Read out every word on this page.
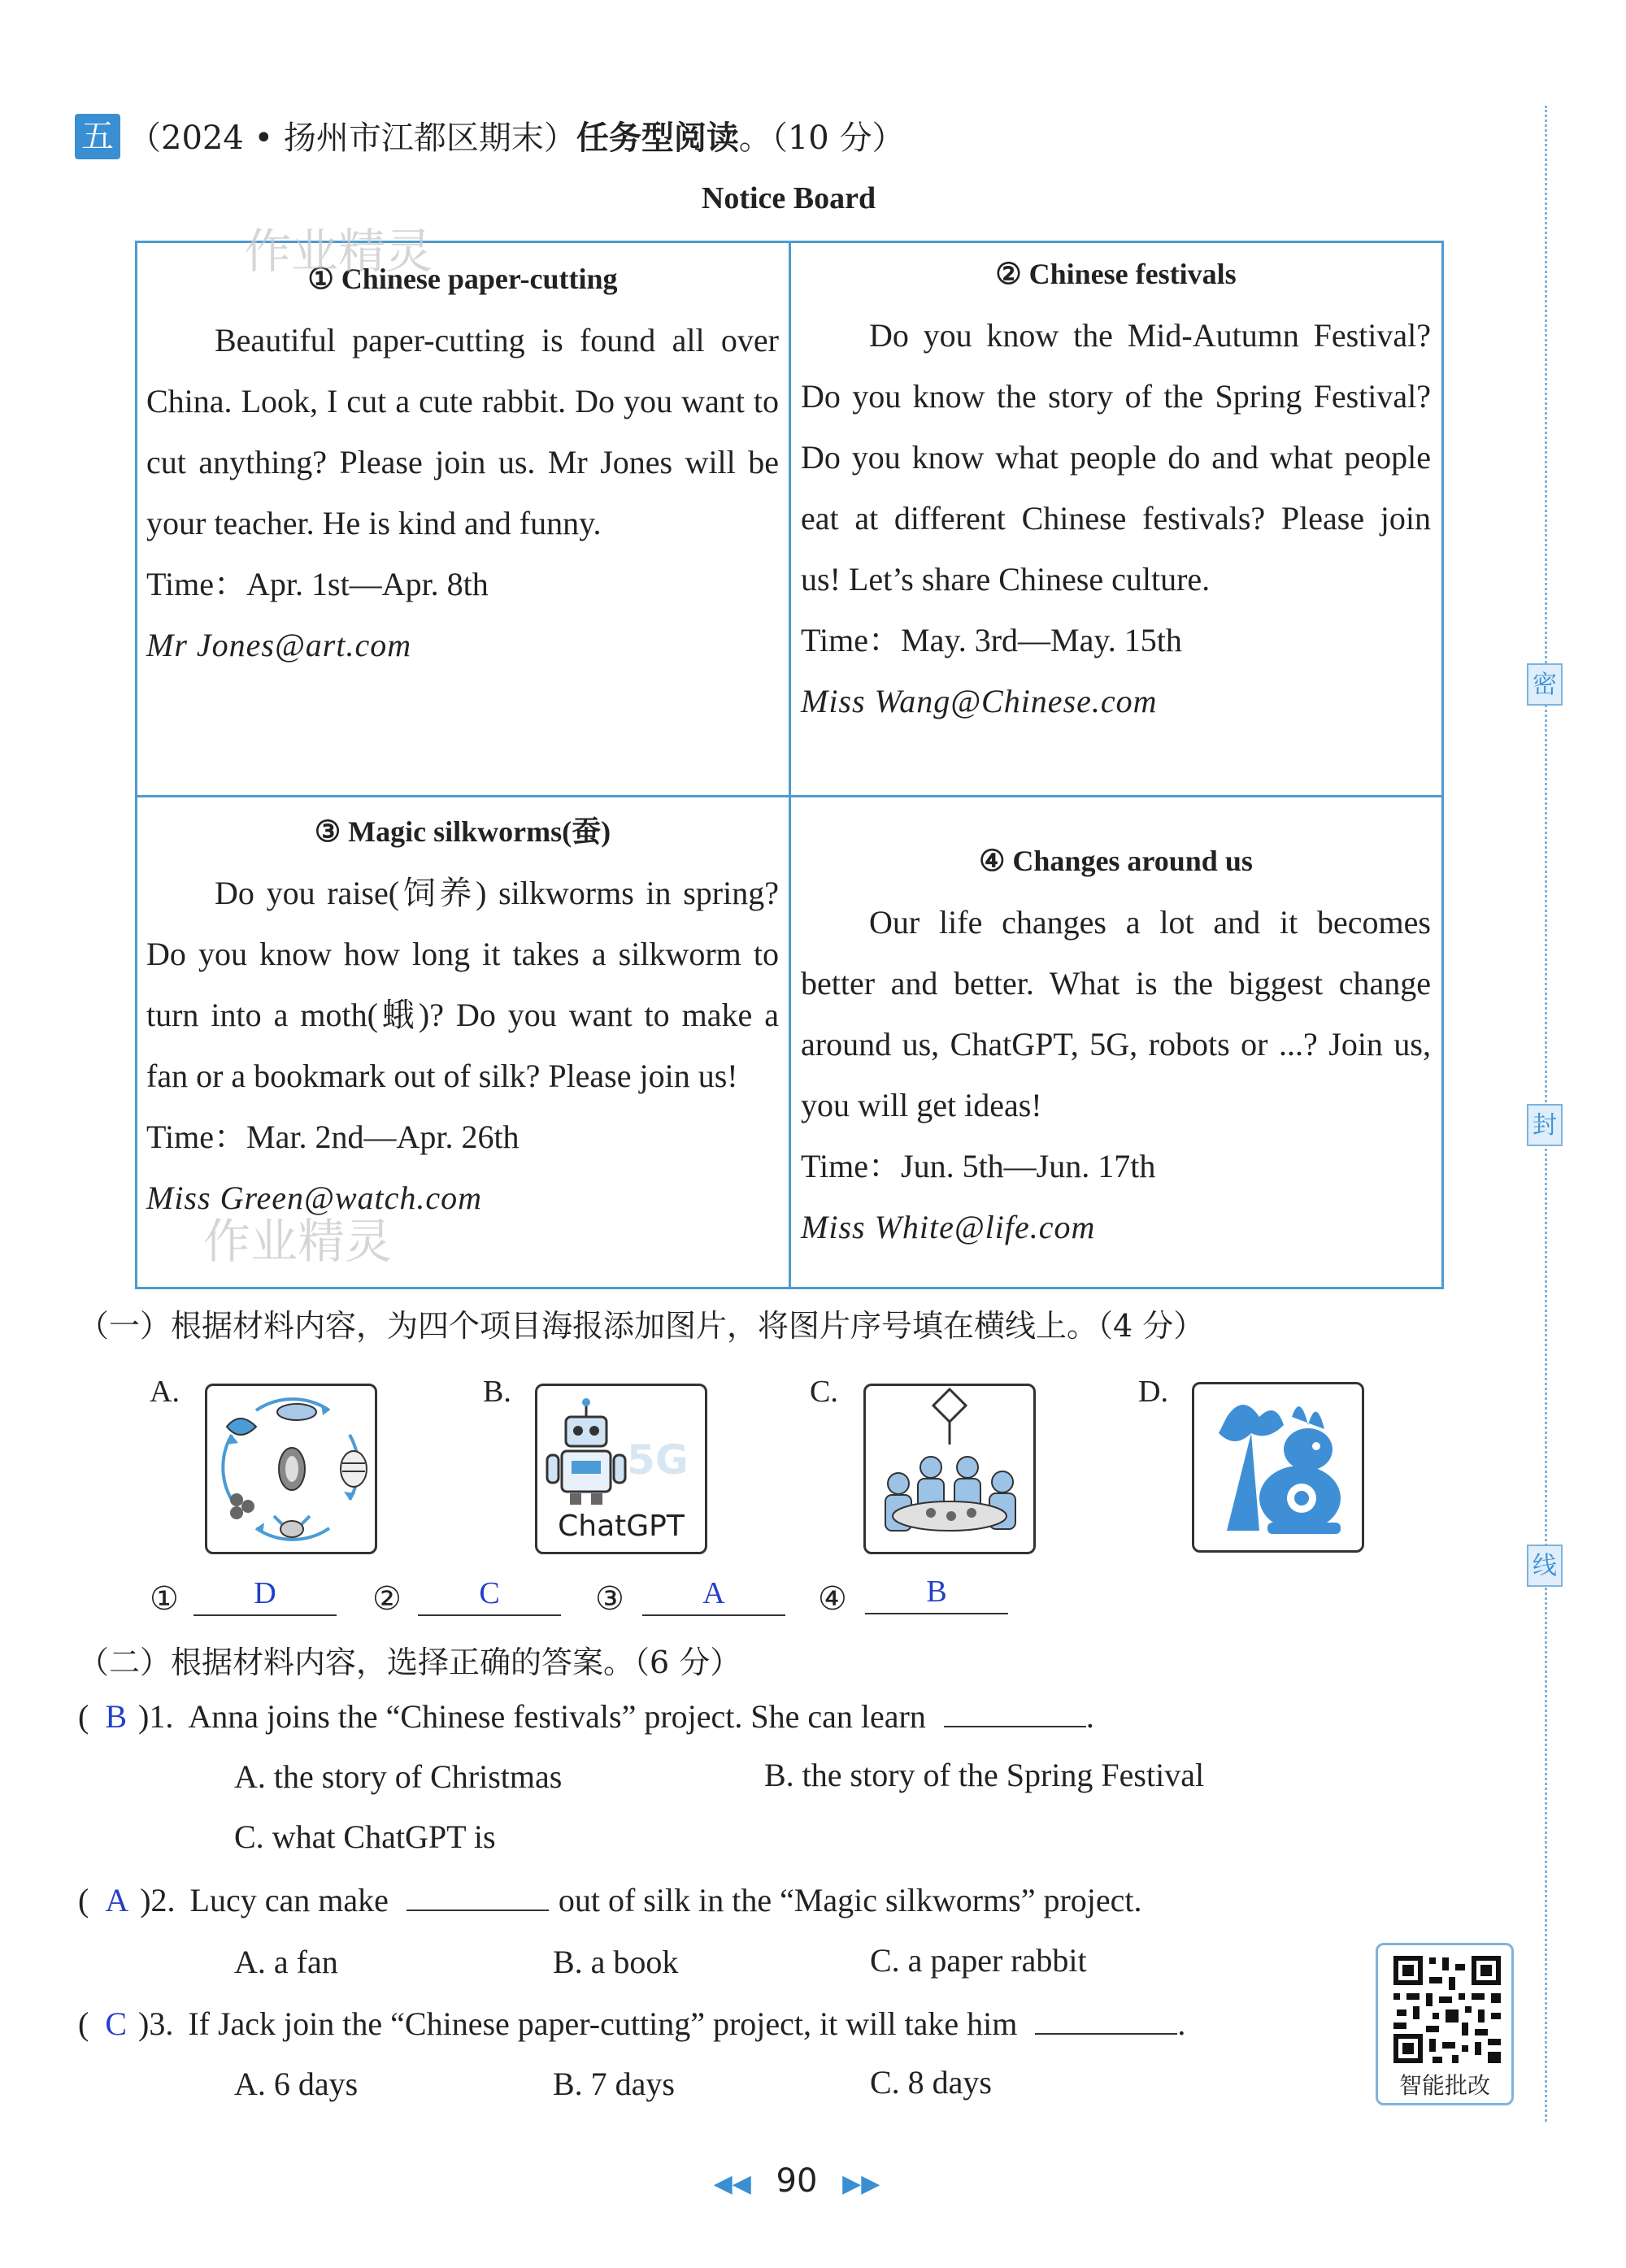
五 （2024 • 扬州市江都区期末）任务型阅读。（10 分）
Notice Board
① Chinese paper-cutting
Beautiful paper-cutting is found all over China. Look, I cut a cute rabbit. Do you want to cut anything? Please join us. Mr Jones will be your teacher. He is kind and funny.
Time：Apr. 1st—Apr. 8th
Mr Jones@art.com
② Chinese festivals
Do you know the Mid-Autumn Festival? Do you know the story of the Spring Festival? Do you know what people do and what people eat at different Chinese festivals? Please join us! Let’s share Chinese culture.
Time：May. 3rd—May. 15th
Miss Wang@Chinese.com
③ Magic silkworms(蚕)
Do you raise(饲养) silkworms in spring? Do you know how long it takes a silkworm to turn into a moth(蛾)? Do you want to make a fan or a bookmark out of silk? Please join us!
Time：Mar. 2nd—Apr. 26th
Miss Green@watch.com
④ Changes around us
Our life changes a lot and it becomes better and better. What is the biggest change around us, ChatGPT, 5G, robots or ...? Join us, you will get ideas!
Time：Jun. 5th—Jun. 17th
Miss White@life.com
作业精灵
作业精灵
（一）根据材料内容，为四个项目海报添加图片，将图片序号填在横线上。（4 分）
A.	B.
5G
ChatGPT
C.	D.
①	D	②	C	③	A	④	B
（二）根据材料内容，选择正确的答案。（6 分）
(  B )1. Anna joins the “Chinese festivals” project. She can learn	.
A. the story of Christmas	B. the story of the Spring Festival
C. what ChatGPT is
(  A )2. Lucy can make	out of silk in the “Magic silkworms” project.
A. a fan	B. a book	C. a paper rabbit
(  C )3. If Jack join the “Chinese paper-cutting” project, it will take him	.
A. 6 days	B. 7 days	C. 8 days	智能批改
密
封
线
◀◀ 90 ▶▶
